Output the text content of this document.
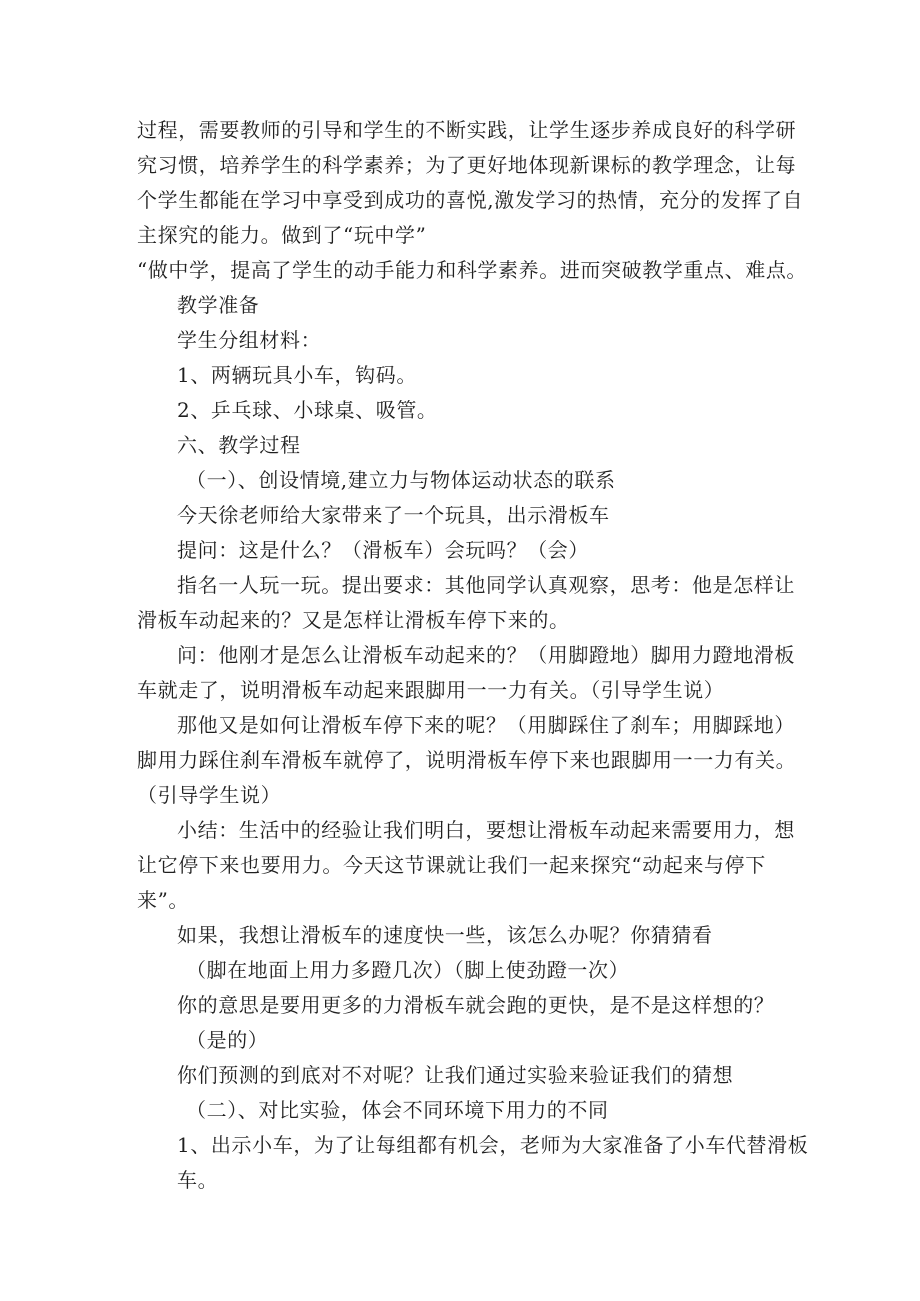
过程，需要教师的引导和学生的不断实践，让学生逐步养成良好的科学研
究习惯，培养学生的科学素养；为了更好地体现新课标的教学理念，让每
个学生都能在学习中享受到成功的喜悦,激发学习的热情，充分的发挥了自
主探究的能力。做到了“玩中学”
“做中学，提高了学生的动手能力和科学素养。进而突破教学重点、难点。
教学准备
学生分组材料：
1、两辆玩具小车，钩码。
2、乒乓球、小球桌、吸管。
六、教学过程
（一）、创设情境,建立力与物体运动状态的联系
今天徐老师给大家带来了一个玩具，出示滑板车
提问：这是什么？（滑板车）会玩吗？（会）
指名一人玩一玩。提出要求：其他同学认真观察，思考：他是怎样让
滑板车动起来的？又是怎样让滑板车停下来的。
问：他刚才是怎么让滑板车动起来的？（用脚蹬地）脚用力蹬地滑板
车就走了，说明滑板车动起来跟脚用一一力有关。（引导学生说）
那他又是如何让滑板车停下来的呢？（用脚踩住了刹车；用脚踩地）
脚用力踩住刹车滑板车就停了，说明滑板车停下来也跟脚用一一力有关。
（引导学生说）
小结：生活中的经验让我们明白，要想让滑板车动起来需要用力，想
让它停下来也要用力。今天这节课就让我们一起来探究“动起来与停下
来”。
如果，我想让滑板车的速度快一些，该怎么办呢？你猜猜看
（脚在地面上用力多蹬几次）（脚上使劲蹬一次）
你的意思是要用更多的力滑板车就会跑的更快，是不是这样想的？
（是的）
你们预测的到底对不对呢？让我们通过实验来验证我们的猜想
（二）、对比实验，体会不同环境下用力的不同
1、出示小车，为了让每组都有机会，老师为大家准备了小车代替滑板
车。
